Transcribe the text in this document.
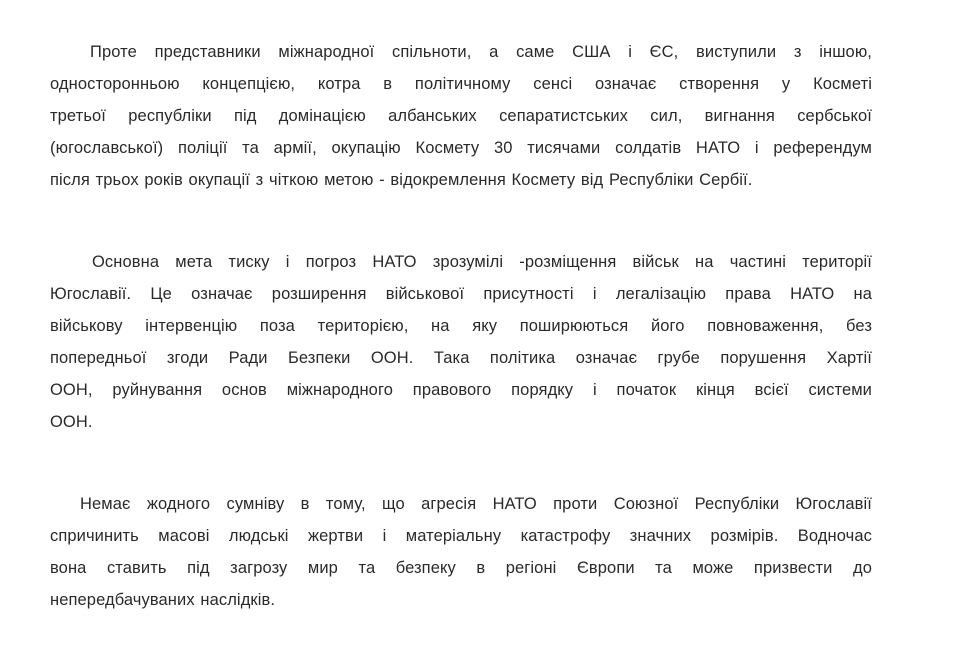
Проте представники міжнародної спільноти, а саме США і ЄС, виступили з іншою,
односторонньою концепцією, котра в політичному сенсі означає створення у Косметі
третьої республіки під домінацією албанських сепаратистських сил, вигнання сербської
(югославської) поліції та армії, окупацію Космету 30 тисячами солдатів НАТО і референдум
після трьох років окупації з чіткою метою - відокремлення Космету від Республіки Сербії.

Основна мета тиску і погроз НАТО зрозумілі -розміщення військ на частині території
Югославії. Це означає розширення військової присутності і легалізацію права НАТО на
військову інтервенцію поза територією, на яку поширюються його повноваження, без
попередньої згоди Ради Безпеки ООН. Така політика означає грубе порушення Хартії
ООН, руйнування основ міжнародного правового порядку і початок кінця всієї системи
ООН.

Немає жодного сумніву в тому, що агресія НАТО проти Союзної Республіки Югославії
спричинить масові людські жертви і матеріальну катастрофу значних розмірів. Водночас
вона ставить під загрозу мир та безпеку в регіоні Європи та може призвести до
непередбачуваних наслідків.
